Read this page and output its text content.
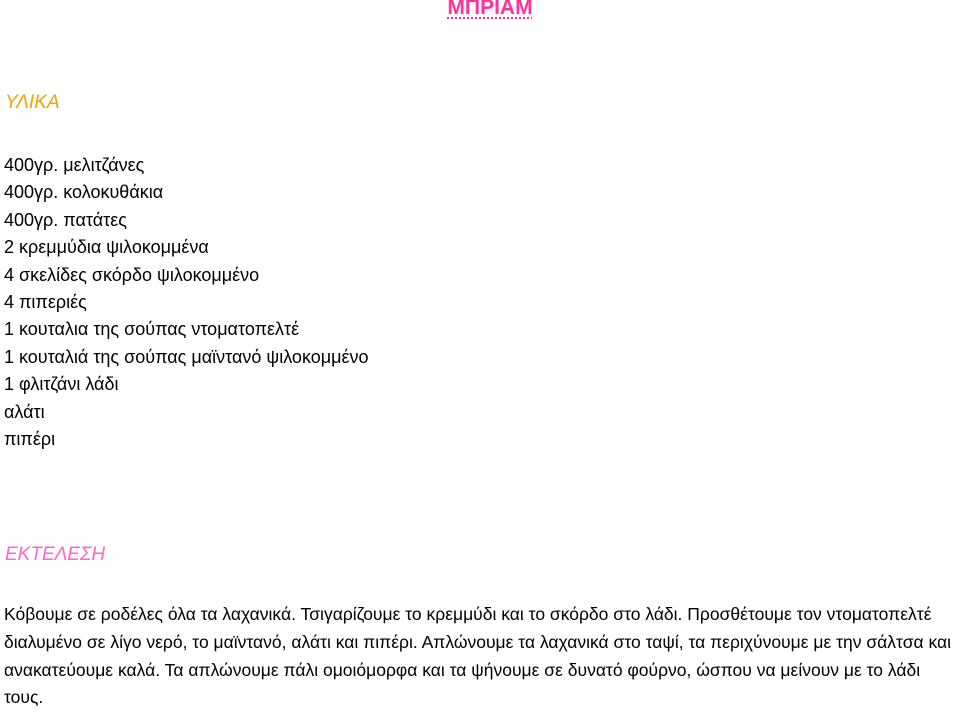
ΜΠΡΙΑΜ
ΥΛΙΚΑ
400γρ. μελιτζάνες
400γρ. κολοκυθάκια
400γρ. πατάτες
2 κρεμμύδια ψιλοκομμένα
4 σκελίδες σκόρδο ψιλοκομμένο
4 πιπεριές
1 κουταλια της σούπας ντοματοπελτέ
1 κουταλιά της σούπας μαϊντανό ψιλοκομμένο
1 φλιτζάνι λάδι
αλάτι
πιπέρι
ΕΚΤΕΛΕΣΗ

Κόβουμε σε ροδέλες όλα τα λαχανικά. Τσιγαρίζουμε το κρεμμύδι και το σκόρδο στο λάδι. Προσθέτουμε τον ντοματοπελτέ διαλυμένο σε λίγο νερό, το μαϊντανό, αλάτι και πιπέρι. Απλώνουμε τα λαχανικά στο ταψί, τα περιχύνουμε με την σάλτσα και ανακατεύουμε καλά. Τα απλώνουμε πάλι ομοιόμορφα και τα ψήνουμε σε δυνατό φούρνο, ώσπου να μείνουν με το λάδι τους.
